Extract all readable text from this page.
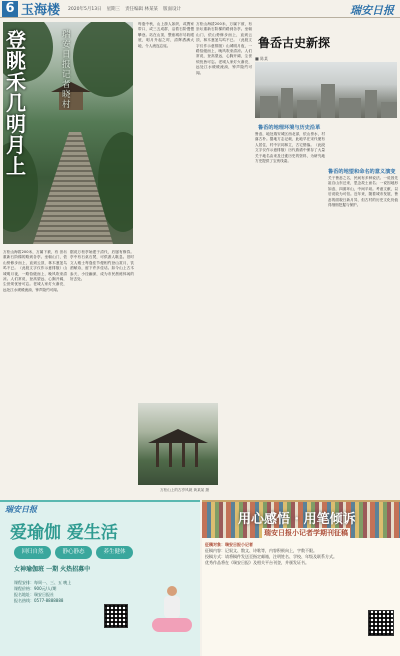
6 玉海楼 2020年5月13日 星期三 责任编辑 林某某 版面设计	瑞安日报
登眺禾几明月上
瑞安日报记者 晓村
万松山海拔200米，万属下被，有 崇坛重新石阶梯的路到各亭。坐朝山门，依山势修步而上，直到云顶，林木葱茏鸟鸣不已。（此段文字仅作示意排版）山城明月夜，一路拾级而上，晚风吹来清凉。人们常说，登高望远，心胸开阔，尘世烦忧皆可忘。老城人家灯火渐亮，远处江水缓缓流淌，钟声隐约可闻。
据说万松亭始建于清代，后屡有修葺。亭中有石桌石凳，可供游人歇息。旧时文人雅士每逢佳节便相约登山赏月，饮酒赋诗，留下许多佳话。如今山上古木参天，小径幽深，成为市民晨练休闲的好去处。
每逢中秋，山上游人如织，或携家带口，或三五成群，沿着石阶慢慢攀登。站在山顶，整座城市尽收眼底，明月升起之时，清辉洒满大地，令人流连忘返。
万松山海拔200米，万属下被，有 崇坛重新石阶梯的路到各亭。坐朝山门，依山势修步而上，直到云顶，林木葱茏鸟鸣不已。（此段文字仅作示意排版）山城明月夜，一路拾级而上，晚风吹来清凉。人们常说，登高望远，心胸开阔，尘世烦忧皆可忘。老城人家灯火渐亮，远处江水缓缓流淌，钟声隐约可闻。
万松山上的古亭风貌 黄某某 摄
鲁岙古史新探
■ 陈某
鲁岙的地理环境与历史沿革
鲁岙，地处瑞安城区西北部，依山傍水，村落古朴。据地方志记载，此地早在宋代便有人居住，村中宗祠林立，古宅错落。（此段文字仅作示意排版）历代族谱中保存了大量关于地名由来及迁徙历史的资料，为研究地方史提供了宝贵线索。
鲁岙的地望和命名的意义演变
关于鲁岙之名，民间有多种说法。一说因先祖自山东迁来，思念故土而名；一说因地形如岙，四面环山，中间平坦。考诸文献，以后说较为可信。近年来，随着城市发展，鲁岙的面貌日新月异，但古村的历史文化仍值得细细挖掘与保护。
瑞安日报
爱瑜伽 爱生活
回归自然	静心静态	养生健体
女神瑜伽班 一期 火热招募中
课程安排：每周一、三、五 晚上
课程价格：900元/人/期
报名地址：瑞安日报社
报名热线：0577-8888888
用心感悟 · 用笔倾诉
瑞安日报小记者学期刊征稿
征稿对象：瑞安日报小记者
征稿内容：记叙文、散文、诗歌等，内容积极向上，字数不限。
投稿方式：请将稿件发送至指定邮箱，注明姓名、学校、年级及联系方式。
优秀作品将在《瑞安日报》及相关平台刊登，并颁发证书。
